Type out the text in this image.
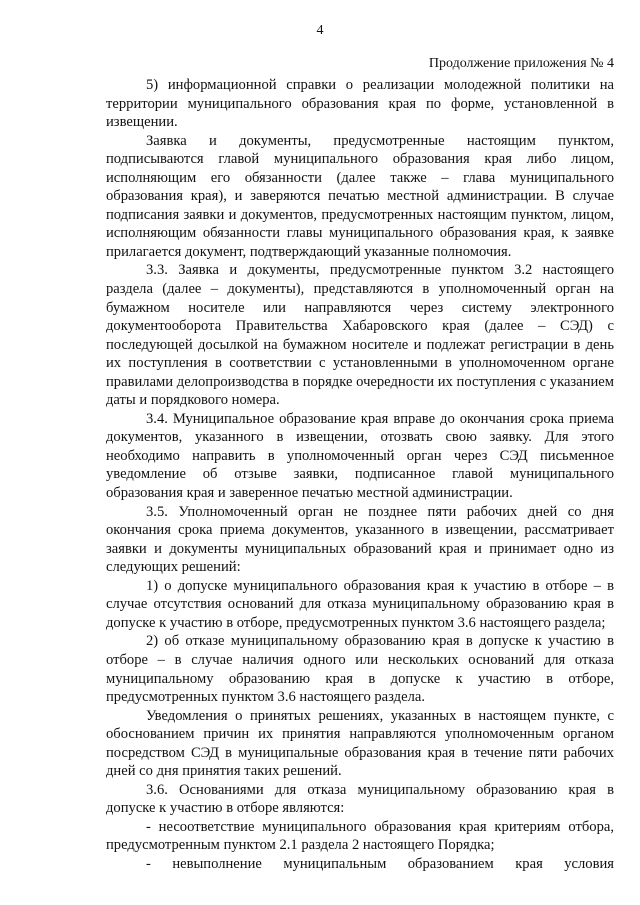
4
Продолжение приложения № 4

5) информационной справки о реализации молодежной политики на территории муниципального образования края по форме, установленной в извещении.

Заявка и документы, предусмотренные настоящим пунктом, подписываются главой муниципального образования края либо лицом, исполняющим его обязанности (далее также – глава муниципального образования края), и заверяются печатью местной администрации. В случае подписания заявки и документов, предусмотренных настоящим пунктом, лицом, исполняющим обязанности главы муниципального образования края, к заявке прилагается документ, подтверждающий указанные полномочия.

3.3. Заявка и документы, предусмотренные пунктом 3.2 настоящего раздела (далее – документы), представляются в уполномоченный орган на бумажном носителе или направляются через систему электронного документооборота Правительства Хабаровского края (далее – СЭД) с последующей досылкой на бумажном носителе и подлежат регистрации в день их поступления в соответствии с установленными в уполномоченном органе правилами делопроизводства в порядке очередности их поступления с указанием даты и порядкового номера.

3.4. Муниципальное образование края вправе до окончания срока приема документов, указанного в извещении, отозвать свою заявку. Для этого необходимо направить в уполномоченный орган через СЭД письменное уведомление об отзыве заявки, подписанное главой муниципального образования края и заверенное печатью местной администрации.

3.5. Уполномоченный орган не позднее пяти рабочих дней со дня окончания срока приема документов, указанного в извещении, рассматривает заявки и документы муниципальных образований края и принимает одно из следующих решений:

1) о допуске муниципального образования края к участию в отборе – в случае отсутствия оснований для отказа муниципальному образованию края в допуске к участию в отборе, предусмотренных пунктом 3.6 настоящего раздела;

2) об отказе муниципальному образованию края в допуске к участию в отборе – в случае наличия одного или нескольких оснований для отказа муниципальному образованию края в допуске к участию в отборе, предусмотренных пунктом 3.6 настоящего раздела.

Уведомления о принятых решениях, указанных в настоящем пункте, с обоснованием причин их принятия направляются уполномоченным органом посредством СЭД в муниципальные образования края в течение пяти рабочих дней со дня принятия таких решений.

3.6. Основаниями для отказа муниципальному образованию края в допуске к участию в отборе являются:

- несоответствие муниципального образования края критериям отбора, предусмотренным пунктом 2.1 раздела 2 настоящего Порядка;

- невыполнение муниципальным образованием края условия
